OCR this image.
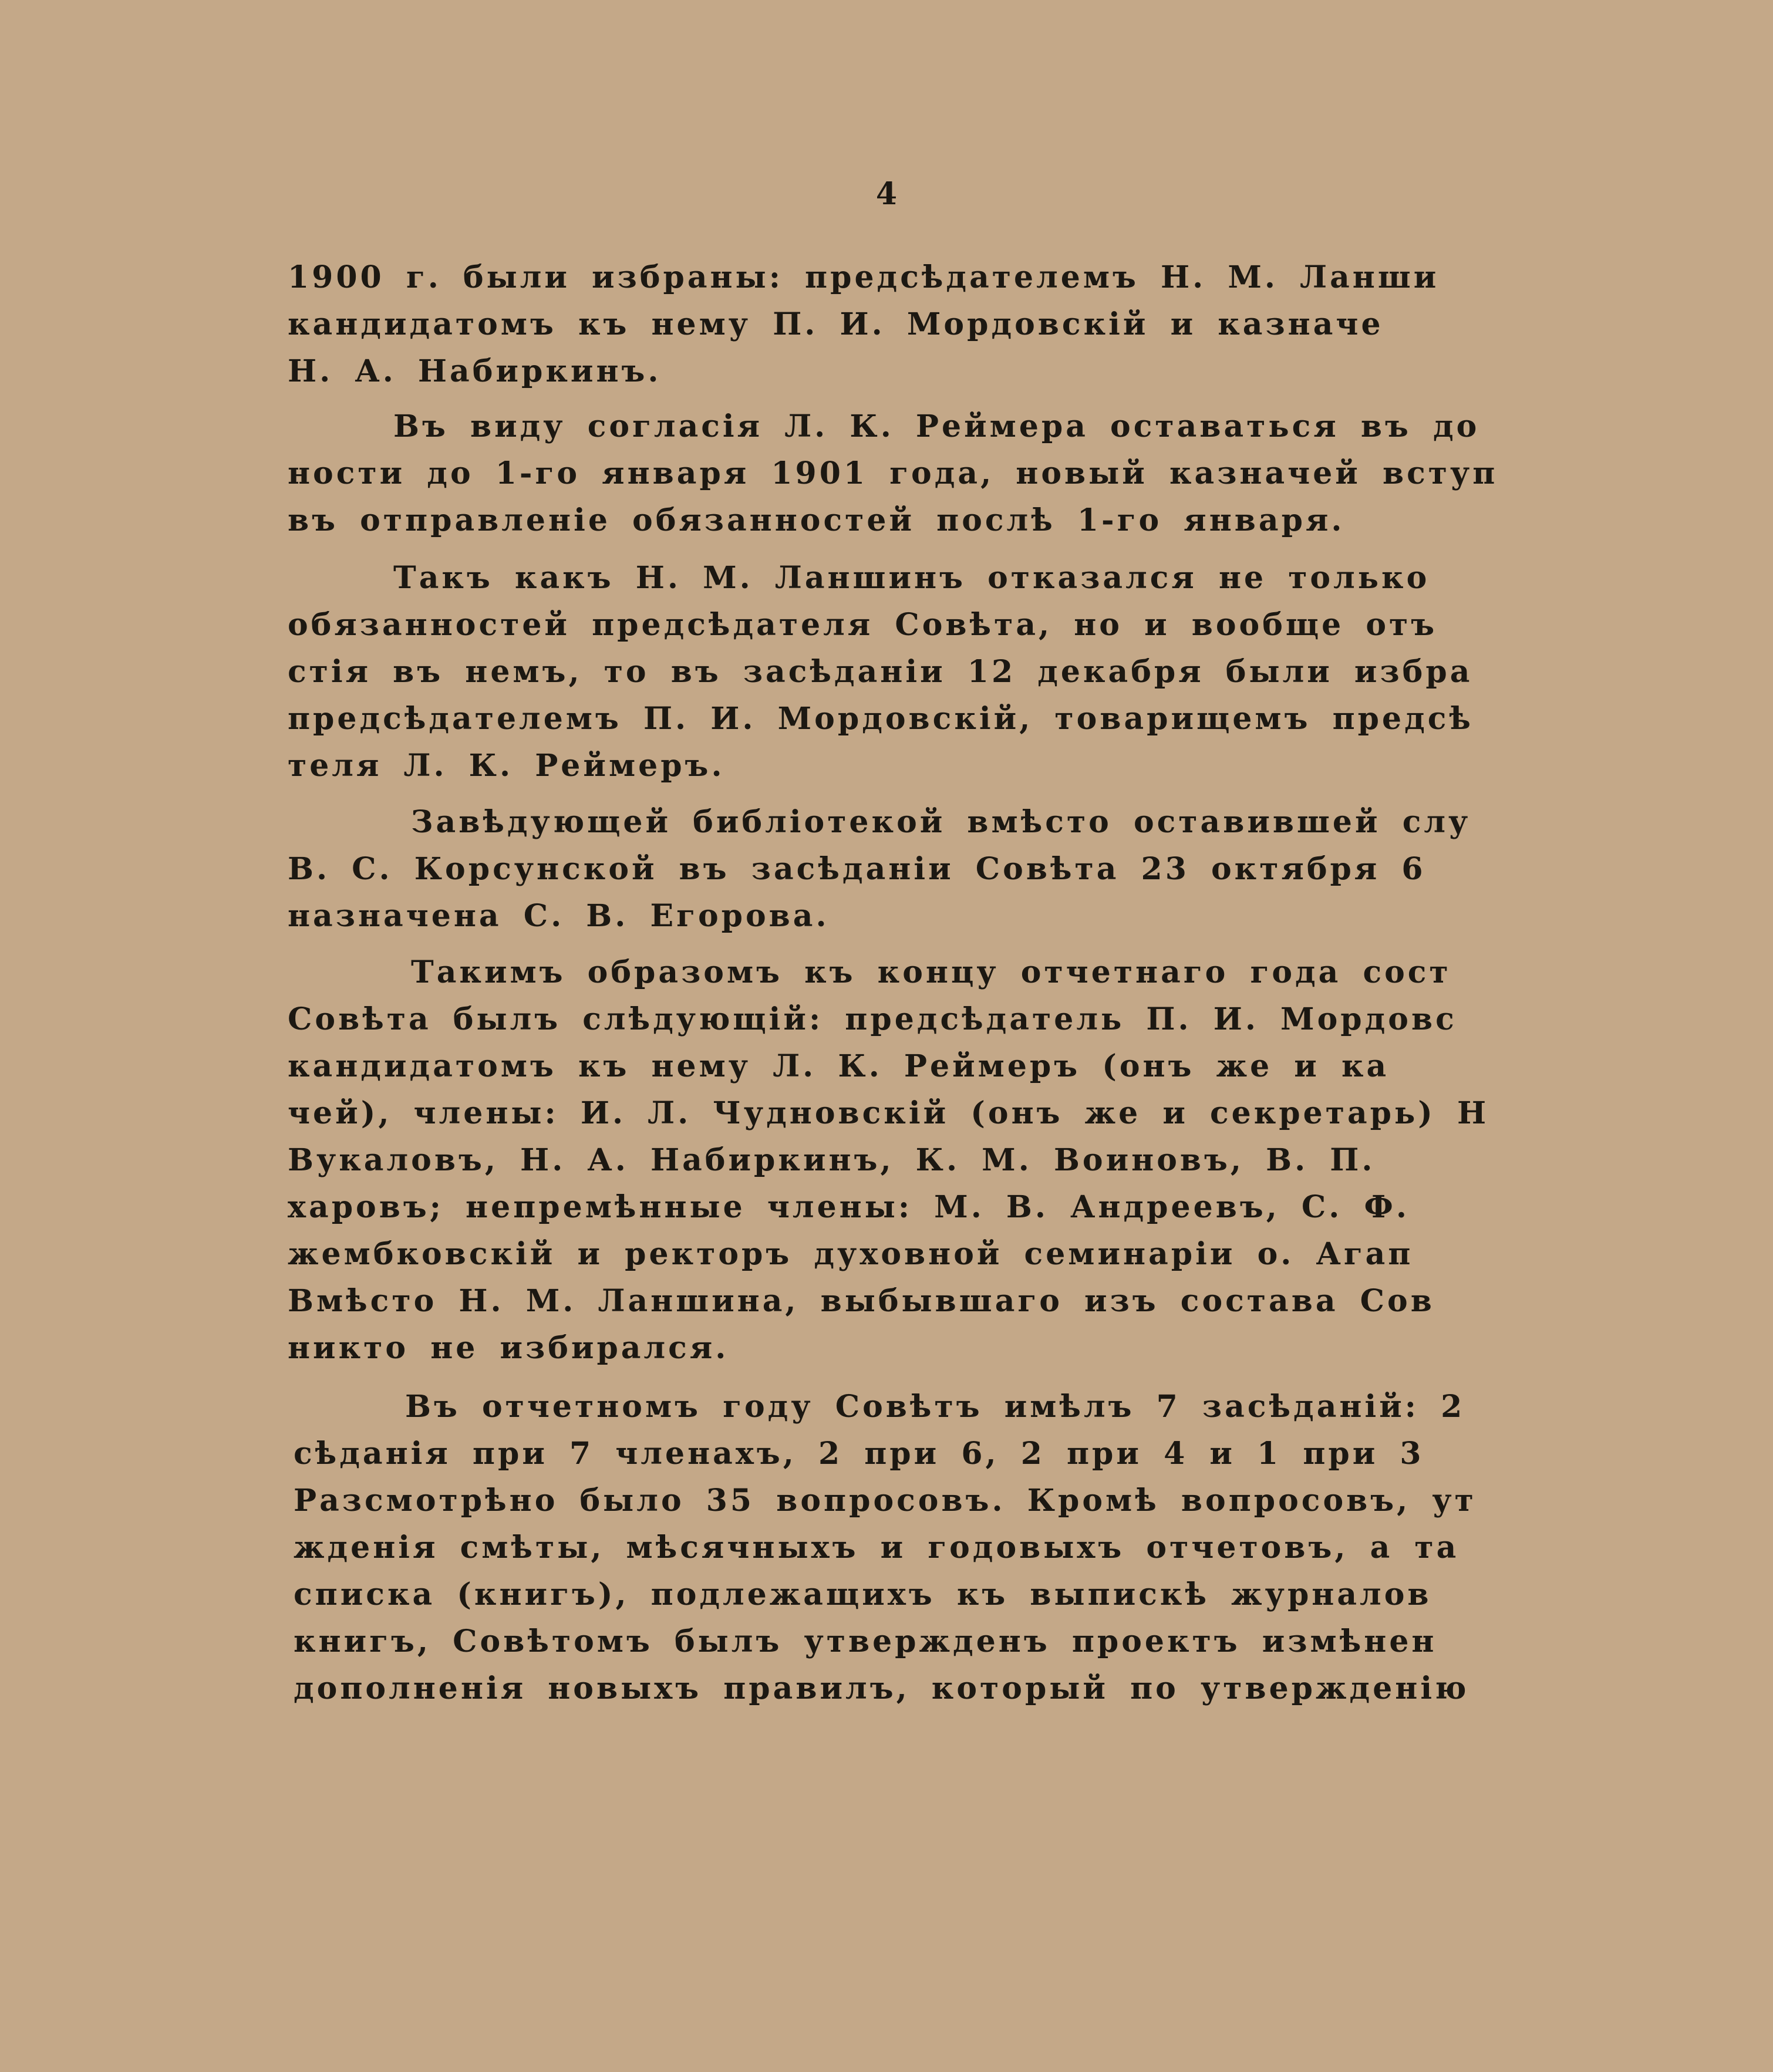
4
1900 г. были избраны: предсѣдателемъ Н. М. Ланши
кандидатомъ къ нему П. И. Мордовскій и казначе
Н. А. Набиркинъ.
Въ виду согласія Л. К. Реймера оставаться въ до
ности до 1-го января 1901 года, новый казначей вступ
въ отправленіе обязанностей послѣ 1-го января.
Такъ какъ Н. М. Ланшинъ отказался не только
обязанностей предсѣдателя Совѣта, но и вообще отъ
стія въ немъ, то въ засѣданіи 12 декабря были избра
предсѣдателемъ П. И. Мордовскій, товарищемъ предсѣ
теля Л. К. Реймеръ.
Завѣдующей библіотекой вмѣсто оставившей слу
В. С. Корсунской въ засѣданіи Совѣта 23 октября 6
назначена С. В. Егорова.
Такимъ образомъ къ концу отчетнаго года сост
Совѣта былъ слѣдующій: предсѣдатель П. И. Мордовс
кандидатомъ къ нему Л. К. Реймеръ (онъ же и ка
чей), члены: И. Л. Чудновскій (онъ же и секретарь) Н
Вукаловъ, Н. А. Набиркинъ, К. М. Воиновъ, В. П.
харовъ; непремѣнные члены: М. В. Андреевъ, С. Ф.
жембковскій и ректоръ духовной семинаріи о. Агап
Вмѣсто Н. М. Ланшина, выбывшаго изъ состава Сов
никто не избирался.
Въ отчетномъ году Совѣтъ имѣлъ 7 засѣданій: 2
сѣданія при 7 членахъ, 2 при 6, 2 при 4 и 1 при 3
Разсмотрѣно было 35 вопросовъ. Кромѣ вопросовъ, ут
жденія смѣты, мѣсячныхъ и годовыхъ отчетовъ, а та
списка (книгъ), подлежащихъ къ выпискѣ журналов
книгъ, Совѣтомъ былъ утвержденъ проектъ измѣнен
дополненія новыхъ правилъ, который по утвержденію
